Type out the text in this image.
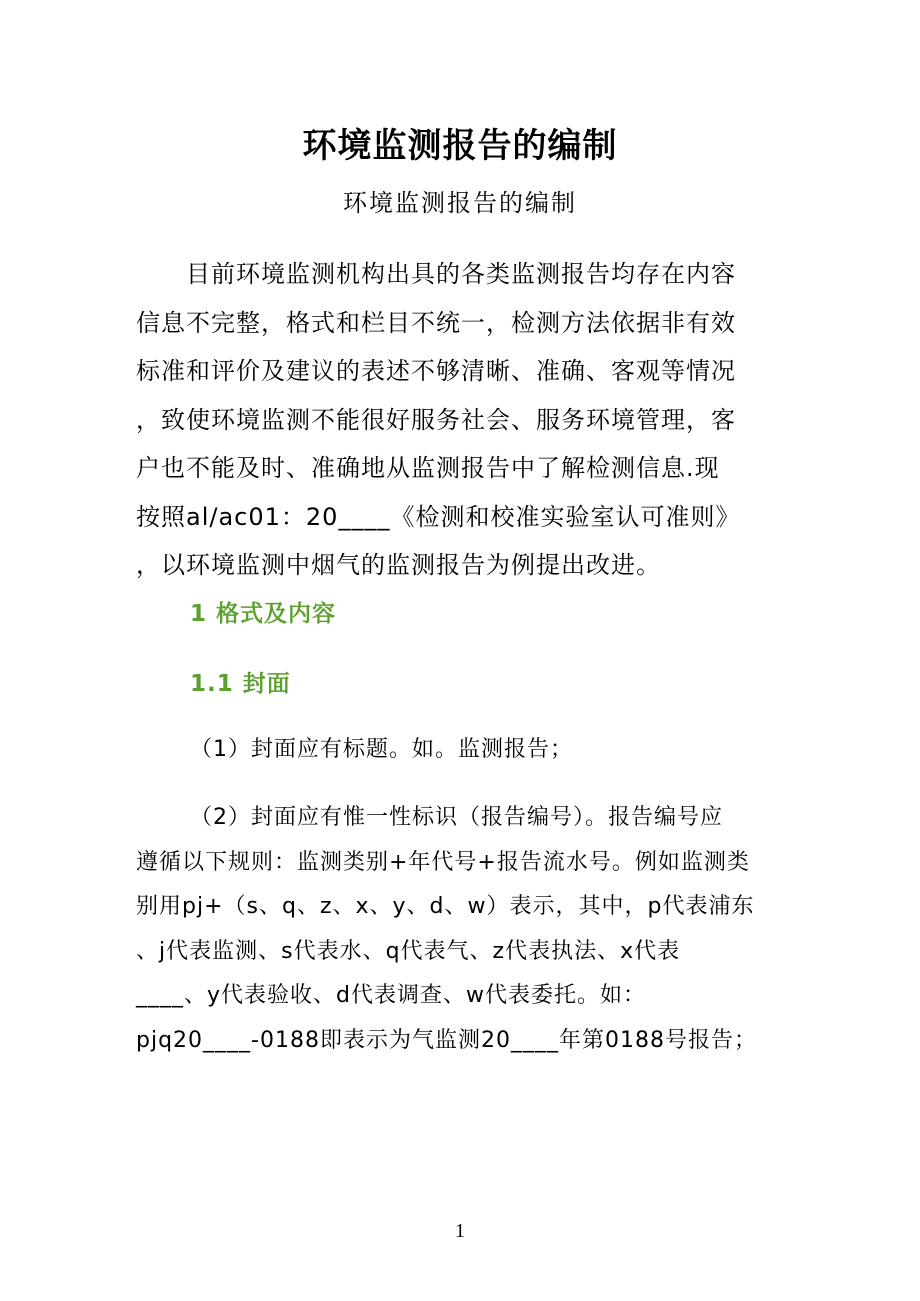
环境监测报告的编制

环境监测报告的编制

　　目前环境监测机构出具的各类监测报告均存在内容
信息不完整，格式和栏目不统一，检测方法依据非有效
标准和评价及建议的表述不够清晰、准确、客观等情况
，致使环境监测不能很好服务社会、服务环境管理，客
户也不能及时、准确地从监测报告中了解检测信息.现
按照al/ac01：20____《检测和校准实验室认可准则》
，以环境监测中烟气的监测报告为例提出改进。

1 格式及内容
1.1 封面

（1）封面应有标题。如。监测报告；

（2）封面应有惟一性标识（报告编号）。报告编号应
遵循以下规则：监测类别+年代号+报告流水号。例如监测类
别用pj+（s、q、z、x、y、d、w）表示，其中，p代表浦东
、j代表监测、s代表水、q代表气、z代表执法、x代表
____、y代表验收、d代表调查、w代表委托。如：
pjq20____-0188即表示为气监测20____年第0188号报告；

1
